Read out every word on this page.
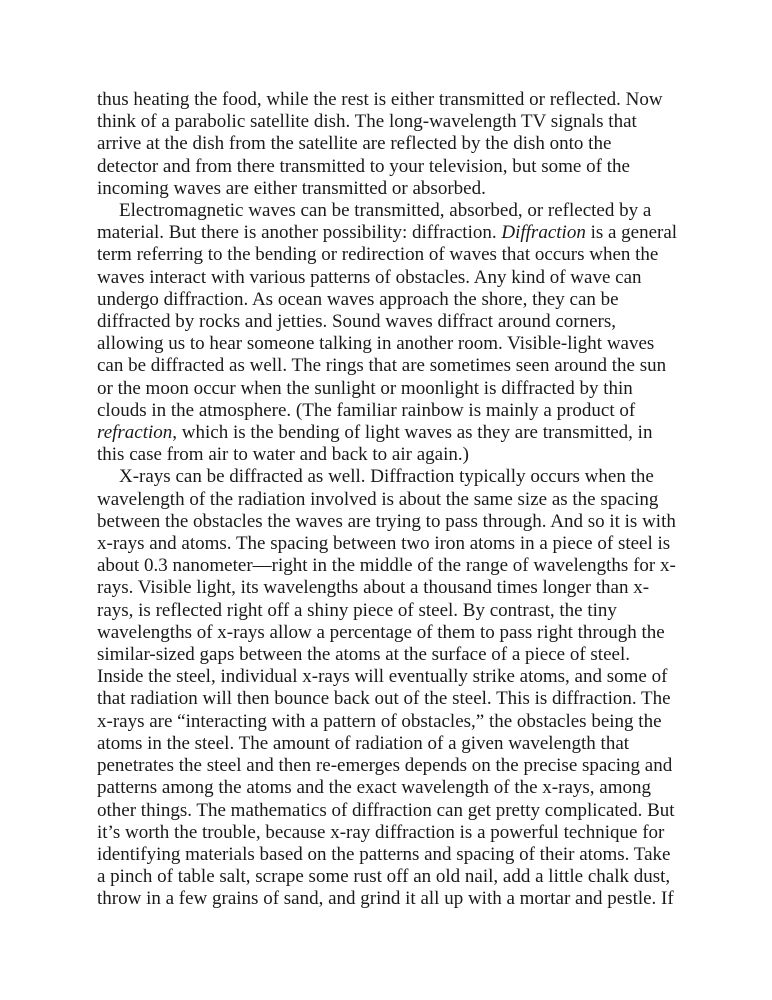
thus heating the food, while the rest is either transmitted or reflected. Now
think of a parabolic satellite dish. The long-wavelength TV signals that
arrive at the dish from the satellite are reflected by the dish onto the
detector and from there transmitted to your television, but some of the
incoming waves are either transmitted or absorbed.

Electromagnetic waves can be transmitted, absorbed, or reflected by a
material. But there is another possibility: diffraction. Diffraction is a general
term referring to the bending or redirection of waves that occurs when the
waves interact with various patterns of obstacles. Any kind of wave can
undergo diffraction. As ocean waves approach the shore, they can be
diffracted by rocks and jetties. Sound waves diffract around corners,
allowing us to hear someone talking in another room. Visible-light waves
can be diffracted as well. The rings that are sometimes seen around the sun
or the moon occur when the sunlight or moonlight is diffracted by thin
clouds in the atmosphere. (The familiar rainbow is mainly a product of
refraction, which is the bending of light waves as they are transmitted, in
this case from air to water and back to air again.)

X-rays can be diffracted as well. Diffraction typically occurs when the
wavelength of the radiation involved is about the same size as the spacing
between the obstacles the waves are trying to pass through. And so it is with
x-rays and atoms. The spacing between two iron atoms in a piece of steel is
about 0.3 nanometer—right in the middle of the range of wavelengths for x-
rays. Visible light, its wavelengths about a thousand times longer than x-
rays, is reflected right off a shiny piece of steel. By contrast, the tiny
wavelengths of x-rays allow a percentage of them to pass right through the
similar-sized gaps between the atoms at the surface of a piece of steel.
Inside the steel, individual x-rays will eventually strike atoms, and some of
that radiation will then bounce back out of the steel. This is diffraction. The
x-rays are “interacting with a pattern of obstacles,” the obstacles being the
atoms in the steel. The amount of radiation of a given wavelength that
penetrates the steel and then re-emerges depends on the precise spacing and
patterns among the atoms and the exact wavelength of the x-rays, among
other things. The mathematics of diffraction can get pretty complicated. But
it’s worth the trouble, because x-ray diffraction is a powerful technique for
identifying materials based on the patterns and spacing of their atoms. Take
a pinch of table salt, scrape some rust off an old nail, add a little chalk dust,
throw in a few grains of sand, and grind it all up with a mortar and pestle. If
